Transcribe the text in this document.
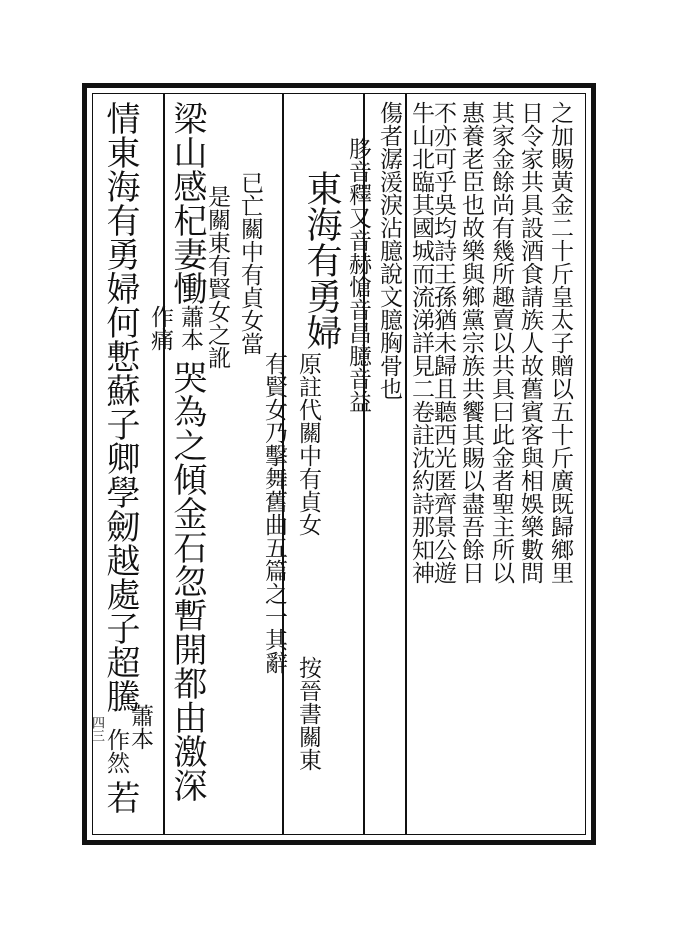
四三
之加賜黃金二十斤皇太子贈以五十斤廣既歸鄉里
日令家共具設酒食請族人故舊賓客與相娛樂數問
其家金餘尚有幾所趣賣以共具曰此金者聖主所以
惠養老臣也故樂與鄉黨宗族共饗其賜以盡吾餘日
不亦可乎吳均詩王孫猶未歸且聽西光匿齊景公遊
牛山北臨其國城而流涕詳見二卷註沈約詩那知神
傷者潺湲淚沾臆說文臆胸骨也
䏧音釋又音赫愴音昌臆音益
東海有勇婦
原註代關中有貞女
按晉書關東
有賢女乃擊舞舊曲五篇之一其辭
已亡關中有貞女當
是關東有賢女之訛
梁山感杞妻慟
蕭本
哭為之傾金石忽暫開都由激深
作痛
情東海有勇婦何慙蘇子卿學劒越處子超騰
蕭本
若
作然
